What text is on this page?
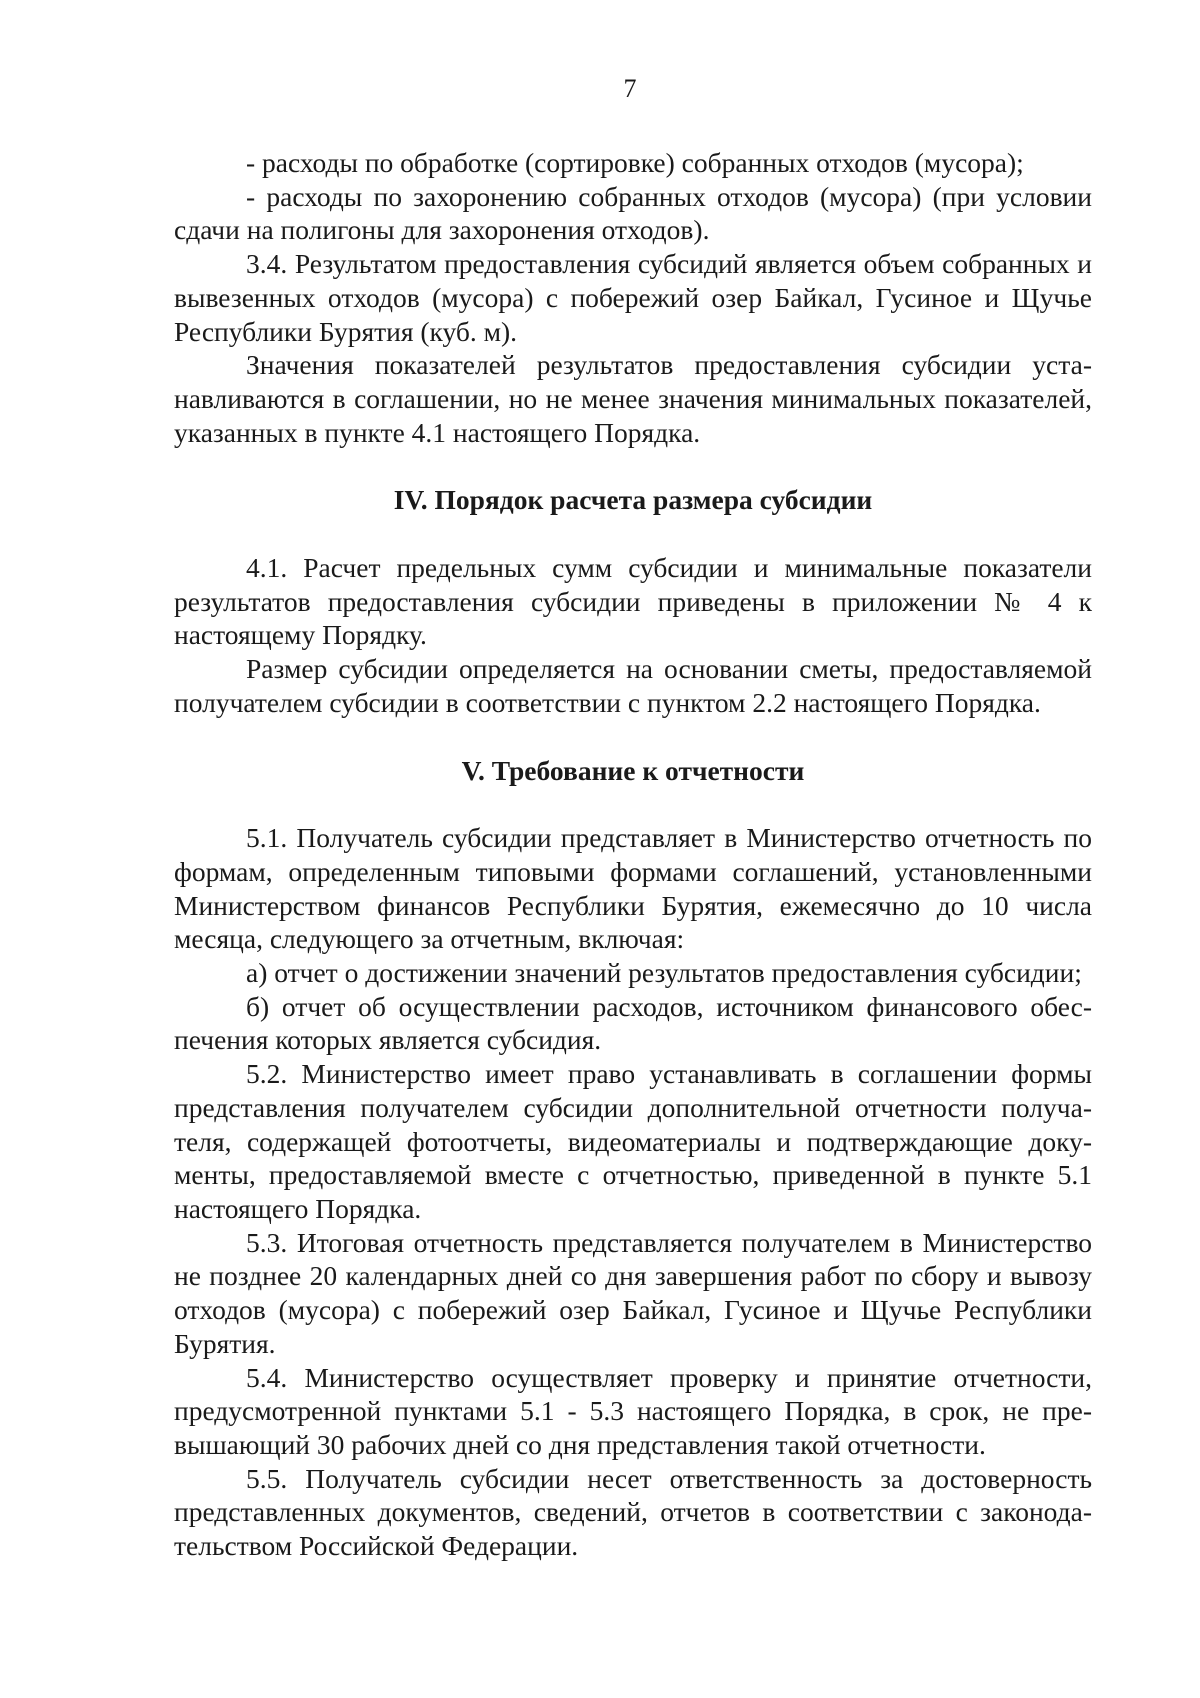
7

- расходы по обработке (сортировке) собранных отходов (мусора);

- расходы по захоронению собранных отходов (мусора) (при условии сдачи на полигоны для захоронения отходов).

3.4. Результатом предоставления субсидий является объем собранных и вывезенных отходов (мусора) с побережий озер Байкал, Гусиное и Щучье Республики Бурятия (куб. м).

Значения показателей результатов предоставления субсидии устанавливаются в соглашении, но не менее значения минимальных показателей, указанных в пункте 4.1 настоящего Порядка.

IV. Порядок расчета размера субсидии

4.1. Расчет предельных сумм субсидии и минимальные показатели результатов предоставления субсидии приведены в приложении № 4 к настоящему Порядку.

Размер субсидии определяется на основании сметы, предоставляемой получателем субсидии в соответствии с пунктом 2.2 настоящего Порядка.

V. Требование к отчетности

5.1. Получатель субсидии представляет в Министерство отчетность по формам, определенным типовыми формами соглашений, установленными Министерством финансов Республики Бурятия, ежемесячно до 10 числа месяца, следующего за отчетным, включая:

а) отчет о достижении значений результатов предоставления субсидии;

б) отчет об осуществлении расходов, источником финансового обеспечения которых является субсидия.

5.2. Министерство имеет право устанавливать в соглашении формы представления получателем субсидии дополнительной отчетности получателя, содержащей фотоотчеты, видеоматериалы и подтверждающие документы, предоставляемой вместе с отчетностью, приведенной в пункте 5.1 настоящего Порядка.

5.3. Итоговая отчетность представляется получателем в Министерство не позднее 20 календарных дней со дня завершения работ по сбору и вывозу отходов (мусора) с побережий озер Байкал, Гусиное и Щучье Республики Бурятия.

5.4. Министерство осуществляет проверку и принятие отчетности, предусмотренной пунктами 5.1 - 5.3 настоящего Порядка, в срок, не превышающий 30 рабочих дней со дня представления такой отчетности.

5.5. Получатель субсидии несет ответственность за достоверность представленных документов, сведений, отчетов в соответствии с законодательством Российской Федерации.
